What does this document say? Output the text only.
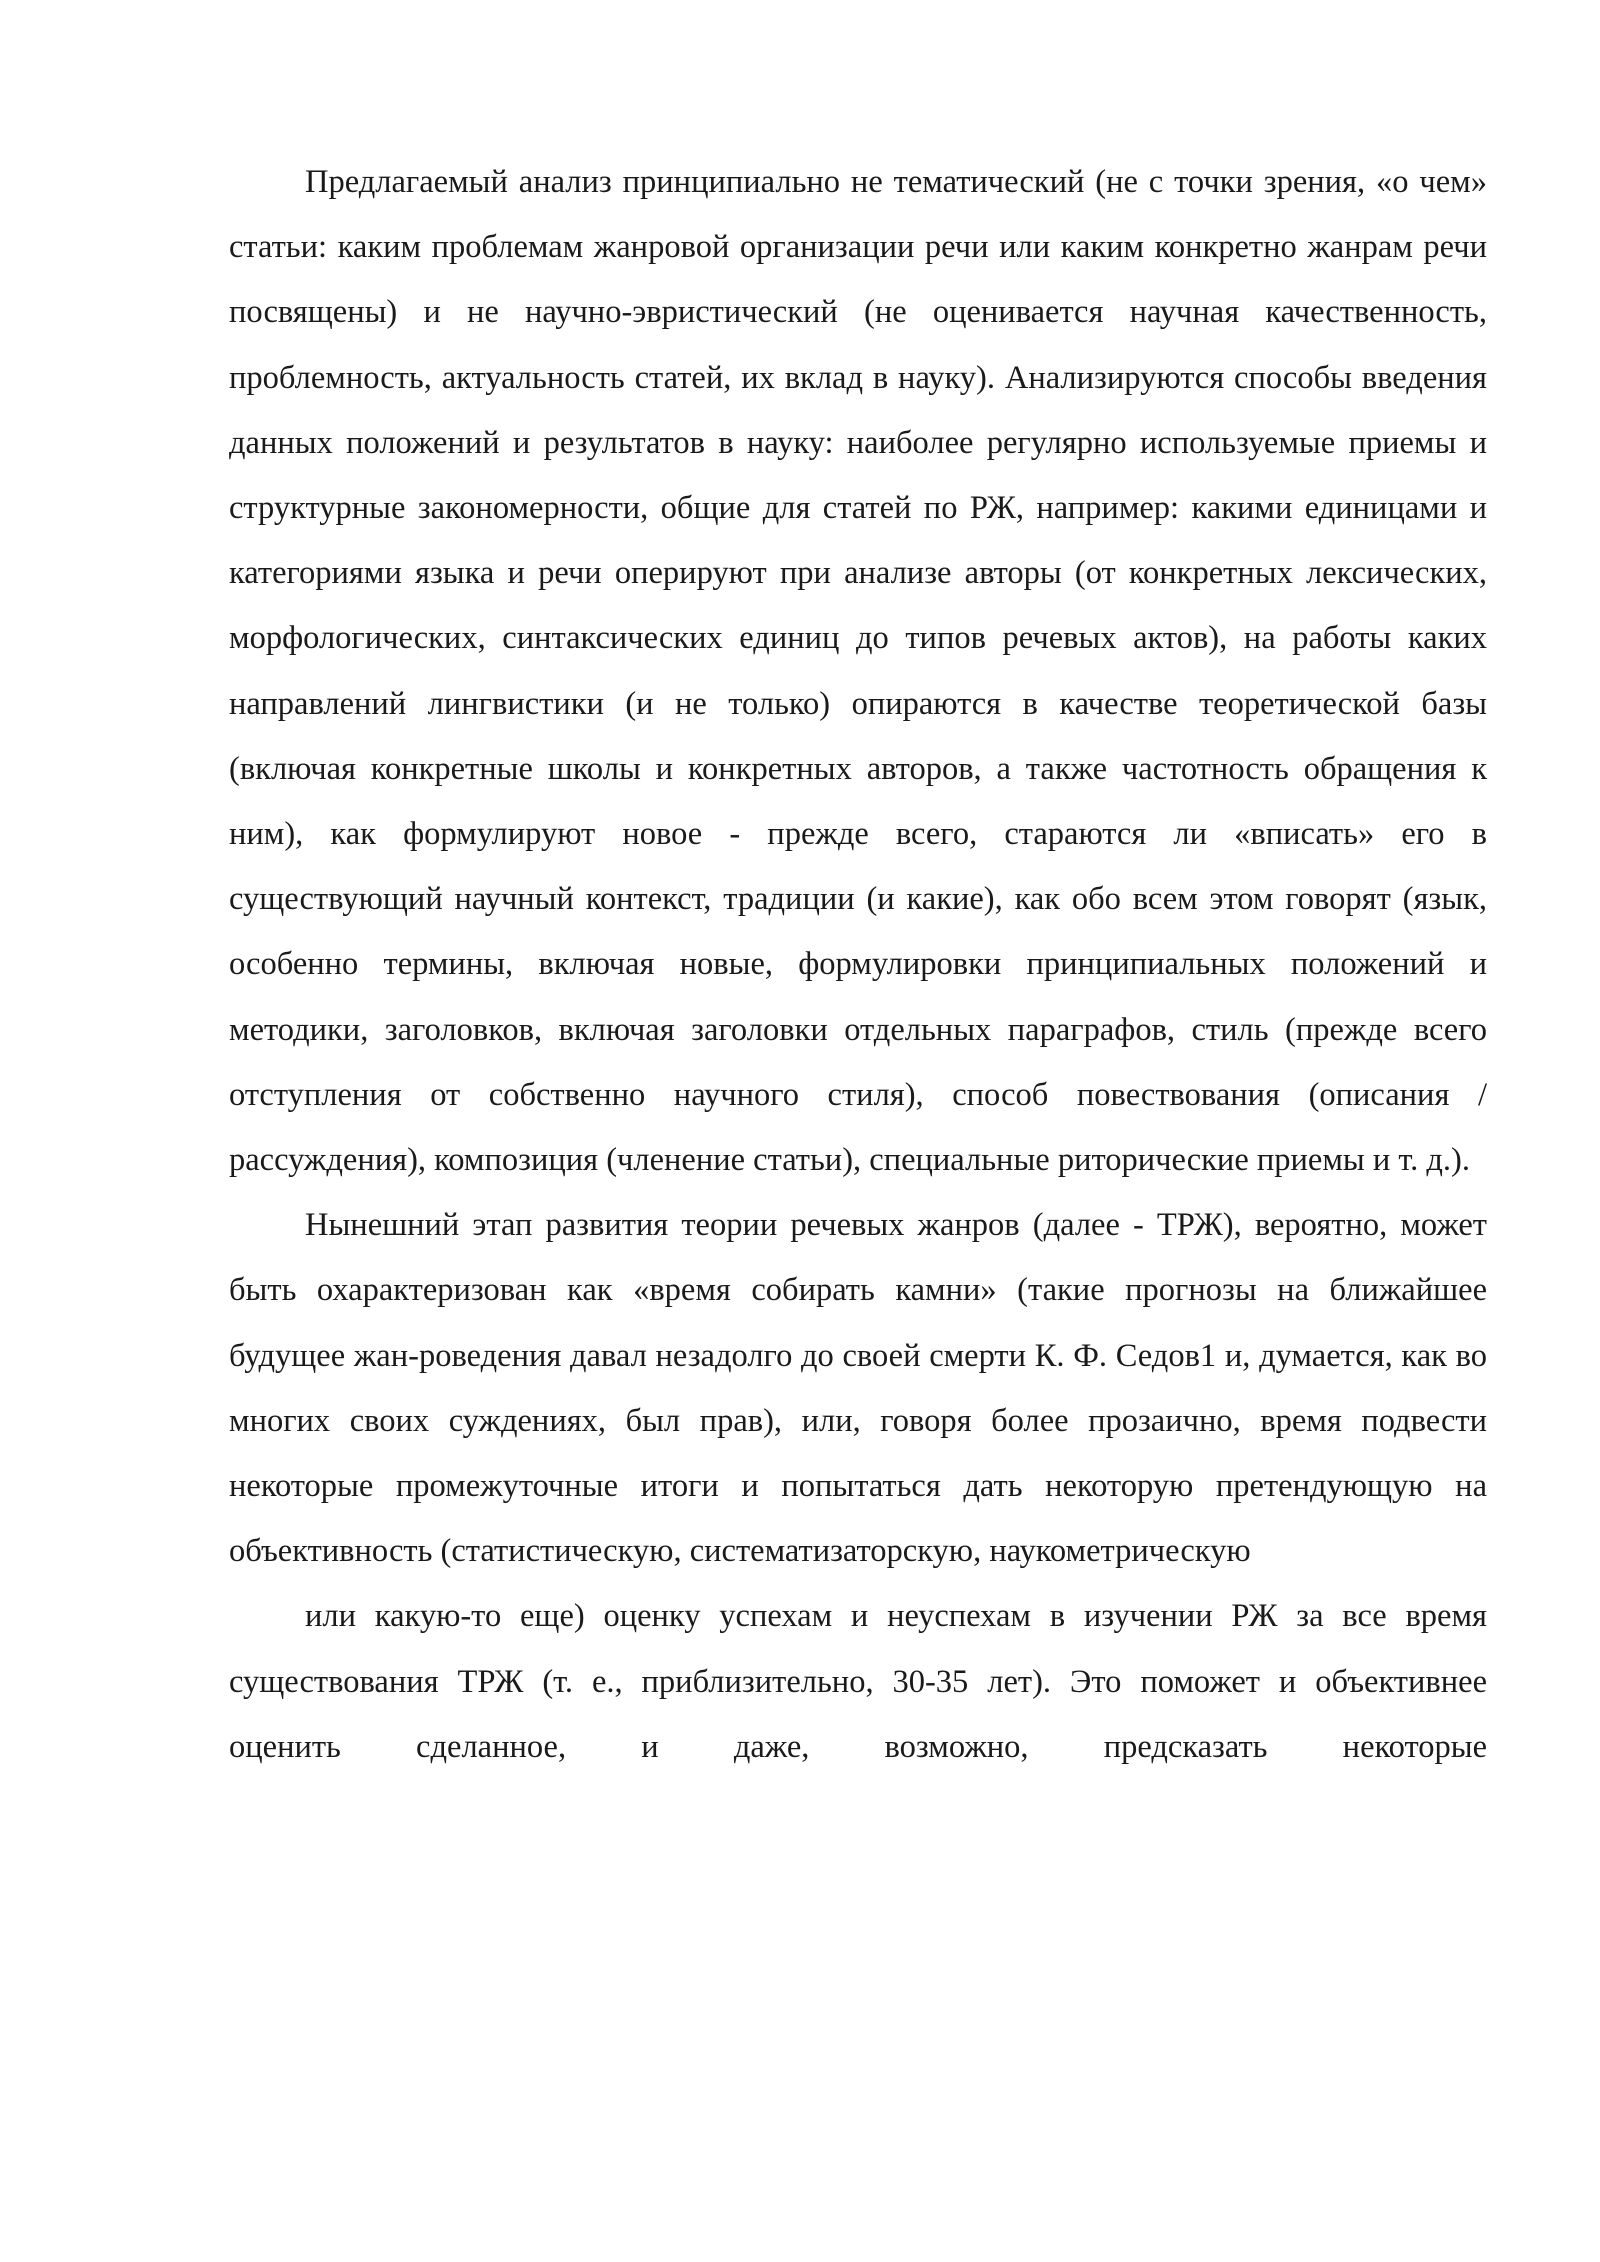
Предлагаемый анализ принципиально не тематический (не с точки зрения, «о чем» статьи: каким проблемам жанровой организации речи или каким конкретно жанрам речи посвящены) и не научно-эвристический (не оценивается научная качественность, проблемность, актуальность статей, их вклад в науку). Анализируются способы введения данных положений и результатов в науку: наиболее регулярно используемые приемы и структурные закономерности, общие для статей по РЖ, например: какими единицами и категориями языка и речи оперируют при анализе авторы (от конкретных лексических, морфологических, синтаксических единиц до типов речевых актов), на работы каких направлений лингвистики (и не только) опираются в качестве теоретической базы (включая конкретные школы и конкретных авторов, а также частотность обращения к ним), как формулируют новое - прежде всего, стараются ли «вписать» его в существующий научный контекст, традиции (и какие), как обо всем этом говорят (язык, особенно термины, включая новые, формулировки принципиальных положений и методики, заголовков, включая заголовки отдельных параграфов, стиль (прежде всего отступления от собственно научного стиля), способ повествования (описания / рассуждения), композиция (членение статьи), специальные риторические приемы и т. д.).

Нынешний этап развития теории речевых жанров (далее - ТРЖ), вероятно, может быть охарактеризован как «время собирать камни» (такие прогнозы на ближайшее будущее жан-роведения давал незадолго до своей смерти К. Ф. Седов1 и, думается, как во многих своих суждениях, был прав), или, говоря более прозаично, время подвести некоторые промежуточные итоги и попытаться дать некоторую претендующую на объективность (статистическую, систематизаторскую, наукометрическую

или какую-то еще) оценку успехам и неуспехам в изучении РЖ за все время существования ТРЖ (т. е., приблизительно, 30-35 лет). Это поможет и объективнее оценить сделанное, и даже, возможно, предсказать некоторые
